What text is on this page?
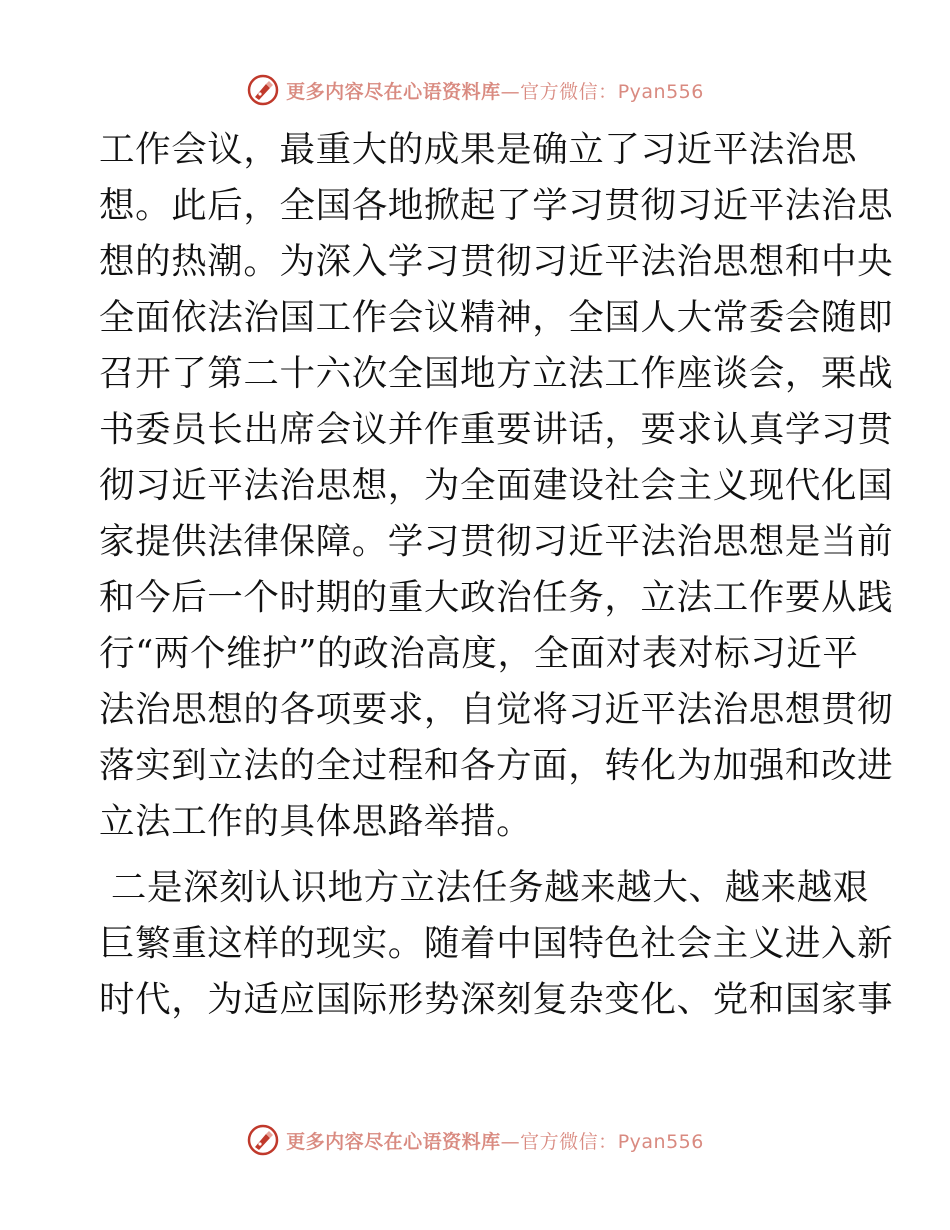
更多内容尽在心语资料库—官方微信：Pyan556
工作会议，最重大的成果是确立了习近平法治思
想。此后，全国各地掀起了学习贯彻习近平法治思
想的热潮。为深入学习贯彻习近平法治思想和中央
全面依法治国工作会议精神，全国人大常委会随即
召开了第二十六次全国地方立法工作座谈会，栗战
书委员长出席会议并作重要讲话，要求认真学习贯
彻习近平法治思想，为全面建设社会主义现代化国
家提供法律保障。学习贯彻习近平法治思想是当前
和今后一个时期的重大政治任务，立法工作要从践
行“两个维护”的政治高度，全面对表对标习近平
法治思想的各项要求，自觉将习近平法治思想贯彻
落实到立法的全过程和各方面，转化为加强和改进
立法工作的具体思路举措。
二是深刻认识地方立法任务越来越大、越来越艰
巨繁重这样的现实。随着中国特色社会主义进入新
时代，为适应国际形势深刻复杂变化、党和国家事
更多内容尽在心语资料库—官方微信：Pyan556
